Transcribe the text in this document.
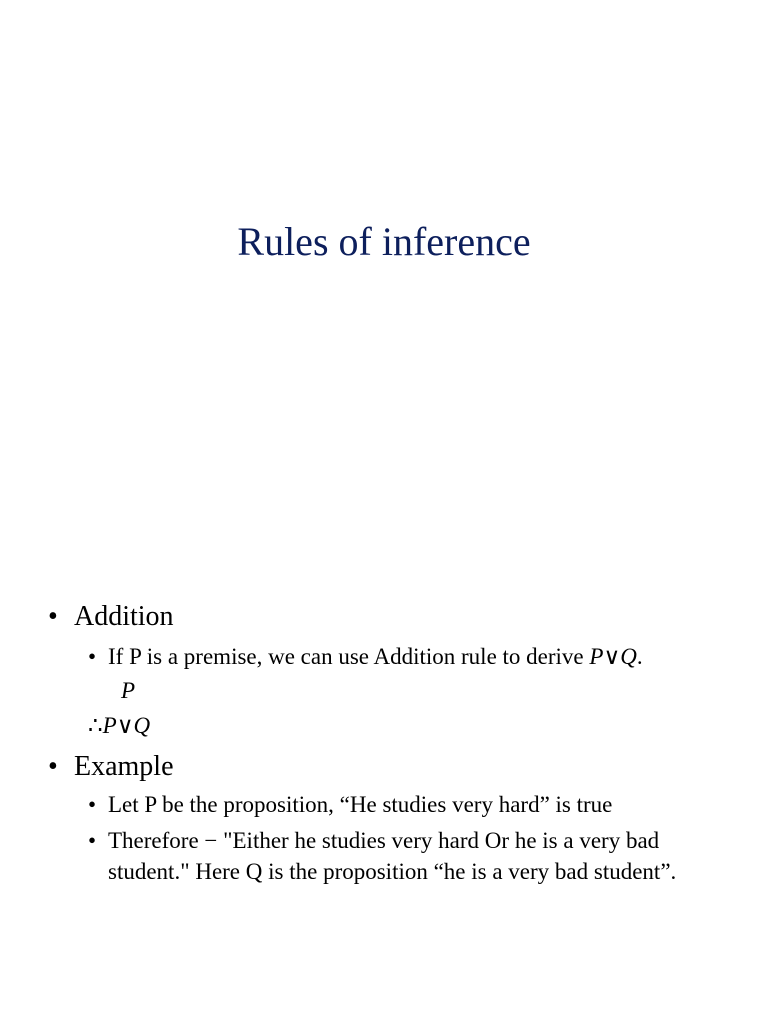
Rules of inference
• Addition
• If P is a premise, we can use Addition rule to derive P∨Q.
P
∴P∨Q
• Example
• Let P be the proposition, “He studies very hard” is true
• Therefore − "Either he studies very hard Or he is a very bad student." Here Q is the proposition “he is a very bad student”.
